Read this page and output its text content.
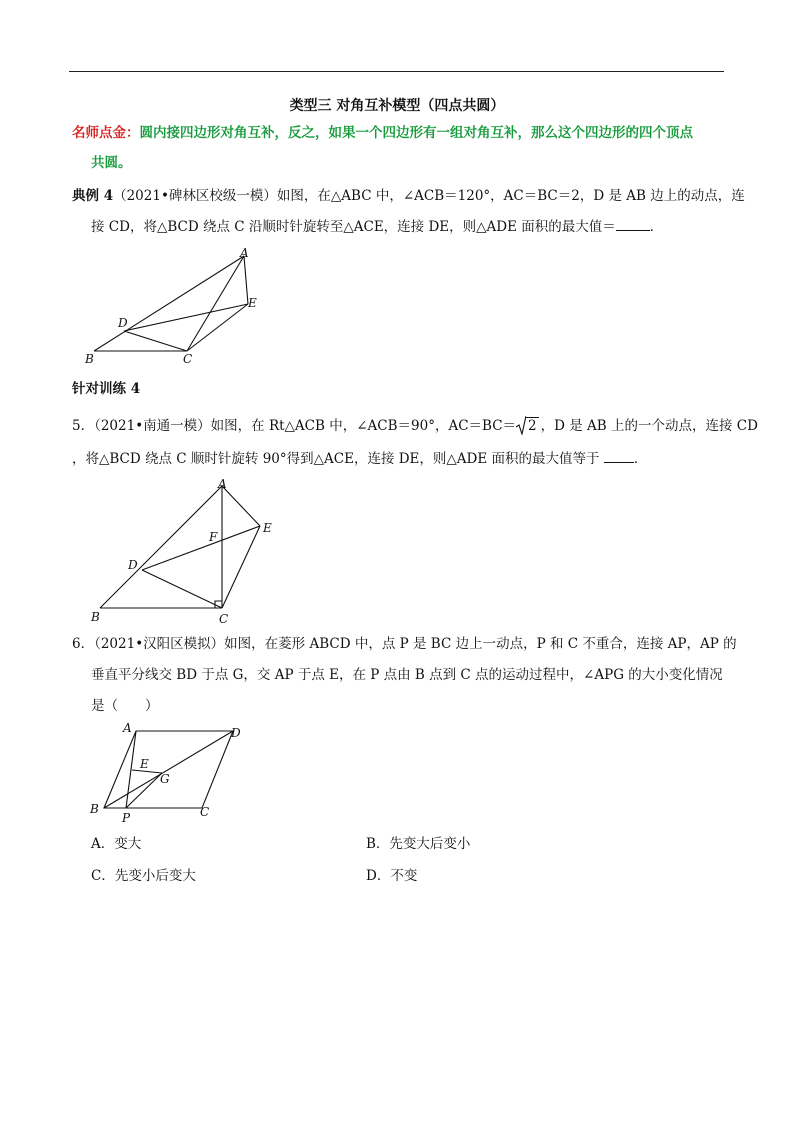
类型三 对角互补模型（四点共圆）
名师点金：圆内接四边形对角互补，反之，如果一个四边形有一组对角互补，那么这个四边形的四个顶点
共圆。
典例 4（2021•碑林区校级一模）如图，在△ABC 中，∠ACB＝120°，AC＝BC＝2，D 是 AB 边上的动点，连
接 CD，将△BCD 绕点 C 沿顺时针旋转至△ACE，连接 DE，则△ADE 面积的最大值＝	．
A
B	C
D
E
针对训练 4
5．（2021•南通一模）如图，在 Rt△ACB 中，∠ACB＝90°，AC＝BC＝ 2 ，D 是 AB 上的一个动点，连接 CD
，将△BCD 绕点 C 顺时针旋转 90°得到△ACE，连接 DE，则△ADE 面积的最大值等于	．
A
B	C
D
E
F
6．（2021•汉阳区模拟）如图，在菱形 ABCD 中，点 P 是 BC 边上一动点，P 和 C 不重合，连接 AP，AP 的
垂直平分线交 BD 于点 G，交 AP 于点 E，在 P 点由 B 点到 C 点的运动过程中，∠APG 的大小变化情况
是（　　）
A
B	C
D
E
G
P
A．变大	B．先变大后变小
C．先变小后变大	D．不变
